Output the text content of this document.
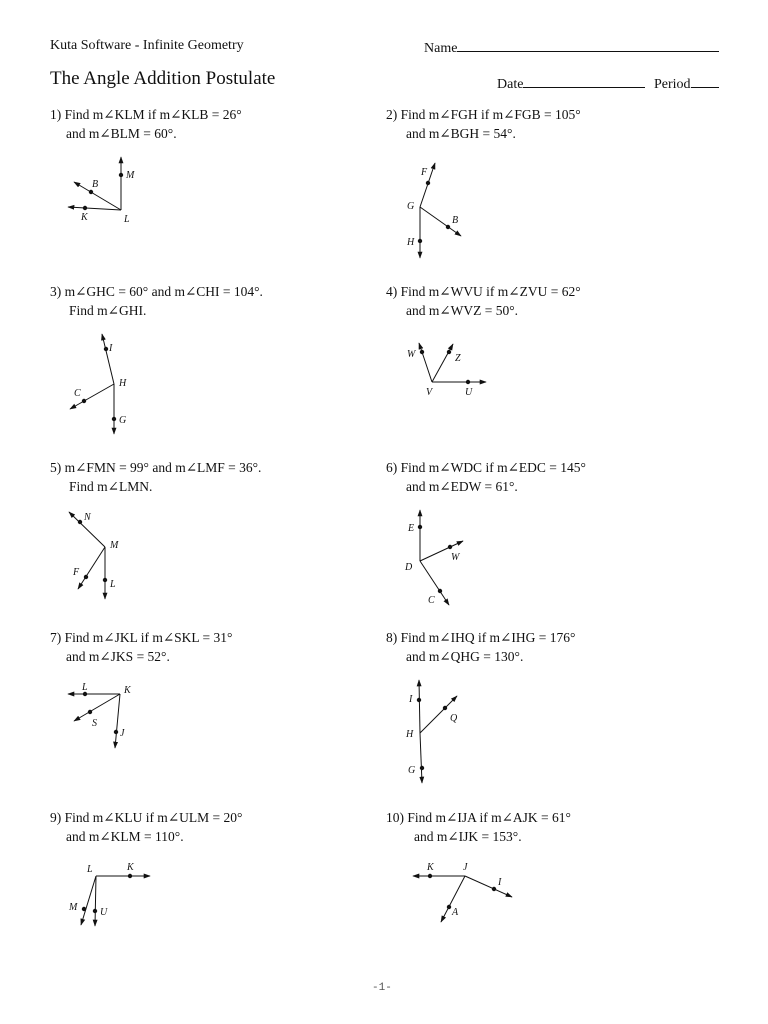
Kuta Software - Infinite Geometry	Name
The Angle Addition Postulate	Date	Period
1) Find m∠KLM if m∠KLB = 26°
and m∠BLM = 60°.
M
B
K	L
2) Find m∠FGH if m∠FGB = 105°
and m∠BGH = 54°.
F
G
B
H
3) m∠GHC = 60° and m∠CHI = 104°.
Find m∠GHI.
I
H
C
G
4) Find m∠WVU if m∠ZVU = 62°
and m∠WVZ = 50°.
W	Z
V	U
5) m∠FMN = 99° and m∠LMF = 36°.
Find m∠LMN.
N
M
F
L
6) Find m∠WDC if m∠EDC = 145°
and m∠EDW = 61°.
E
W
D
C
7) Find m∠JKL if m∠SKL = 31°
and m∠JKS = 52°.
L	K
S
J
8) Find m∠IHQ if m∠IHG = 176°
and m∠QHG = 130°.
I
Q
H
G
9) Find m∠KLU if m∠ULM = 20°
and m∠KLM = 110°.
L	K
M U
10) Find m∠IJA if m∠AJK = 61°
and m∠IJK = 153°.
K	J
I
A
-1-
